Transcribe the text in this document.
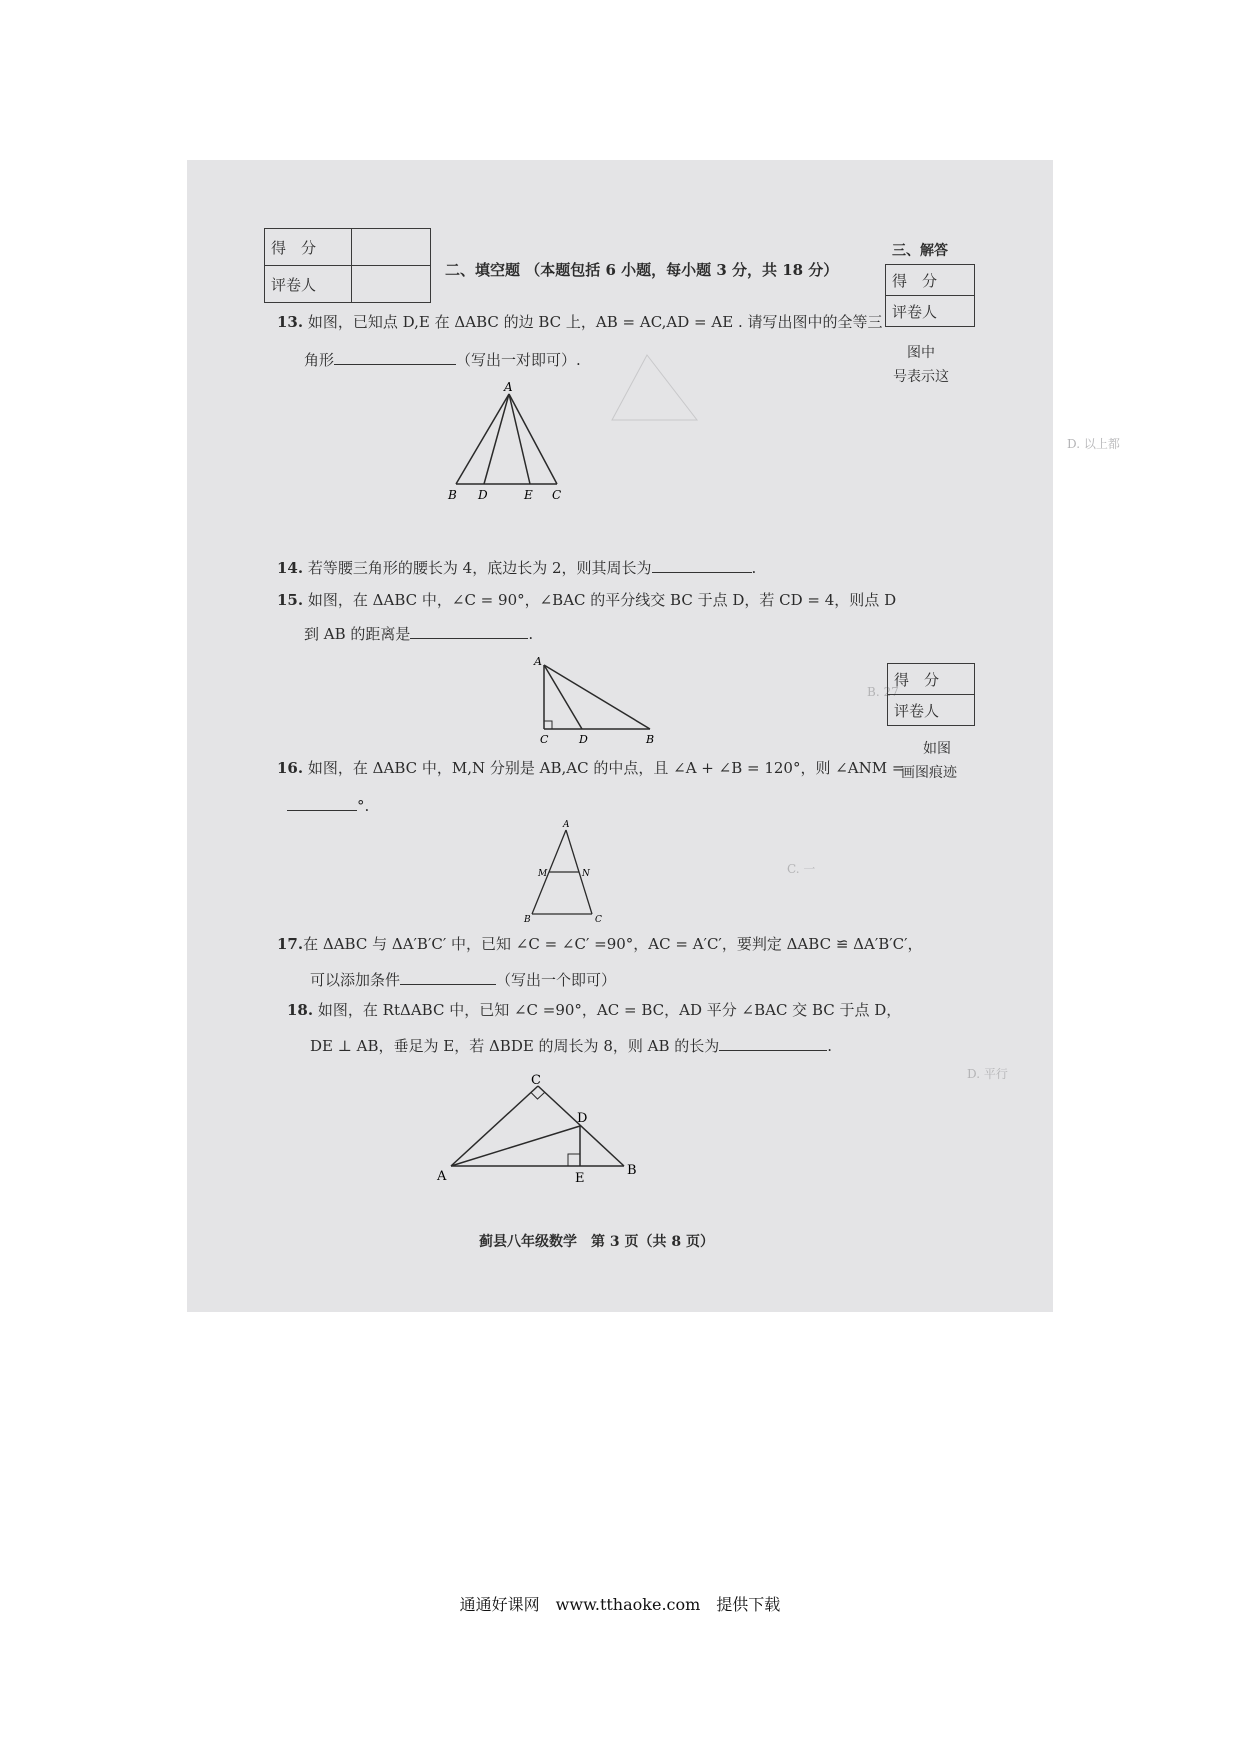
D. 以上都
B. 27
C. 一
D. 平行
得　分	
评卷人	
二、填空题 （本题包括 6 小题，每小题 3 分，共 18 分）
13. 如图，已知点 D,E 在 ΔABC 的边 BC 上，AB = AC,AD = AE . 请写出图中的全等三
角形	（写出一对即可）.
A
B D	E C
14. 若等腰三角形的腰长为 4，底边长为 2，则其周长为	.
15. 如图，在 ΔABC 中，∠C = 90°，∠BAC 的平分线交 BC 于点 D，若 CD = 4，则点 D
到 AB 的距离是	.
A
C	D	B
16. 如图，在 ΔABC 中，M,N 分别是 AB,AC 的中点，且 ∠A + ∠B = 120°，则 ∠ANM =
°.
A
M	N
B	C
17.在 ΔABC 与 ΔA′B′C′ 中，已知 ∠C = ∠C′ =90°，AC = A′C′，要判定 ΔABC ≌ ΔA′B′C′，
可以添加条件	（写出一个即可）
18. 如图，在 RtΔABC 中，已知 ∠C =90°，AC = BC，AD 平分 ∠BAC 交 BC 于点 D，
DE ⊥ AB，垂足为 E，若 ΔBDE 的周长为 8，则 AB 的长为	.
C
D
A	E
B
蓟县八年级数学　第 3 页（共 8 页）
三、解答
得　分
评卷人
图中
号表示这
得　分
评卷人
如图
画图痕迹
通通好课网　www.tthaoke.com　提供下载
